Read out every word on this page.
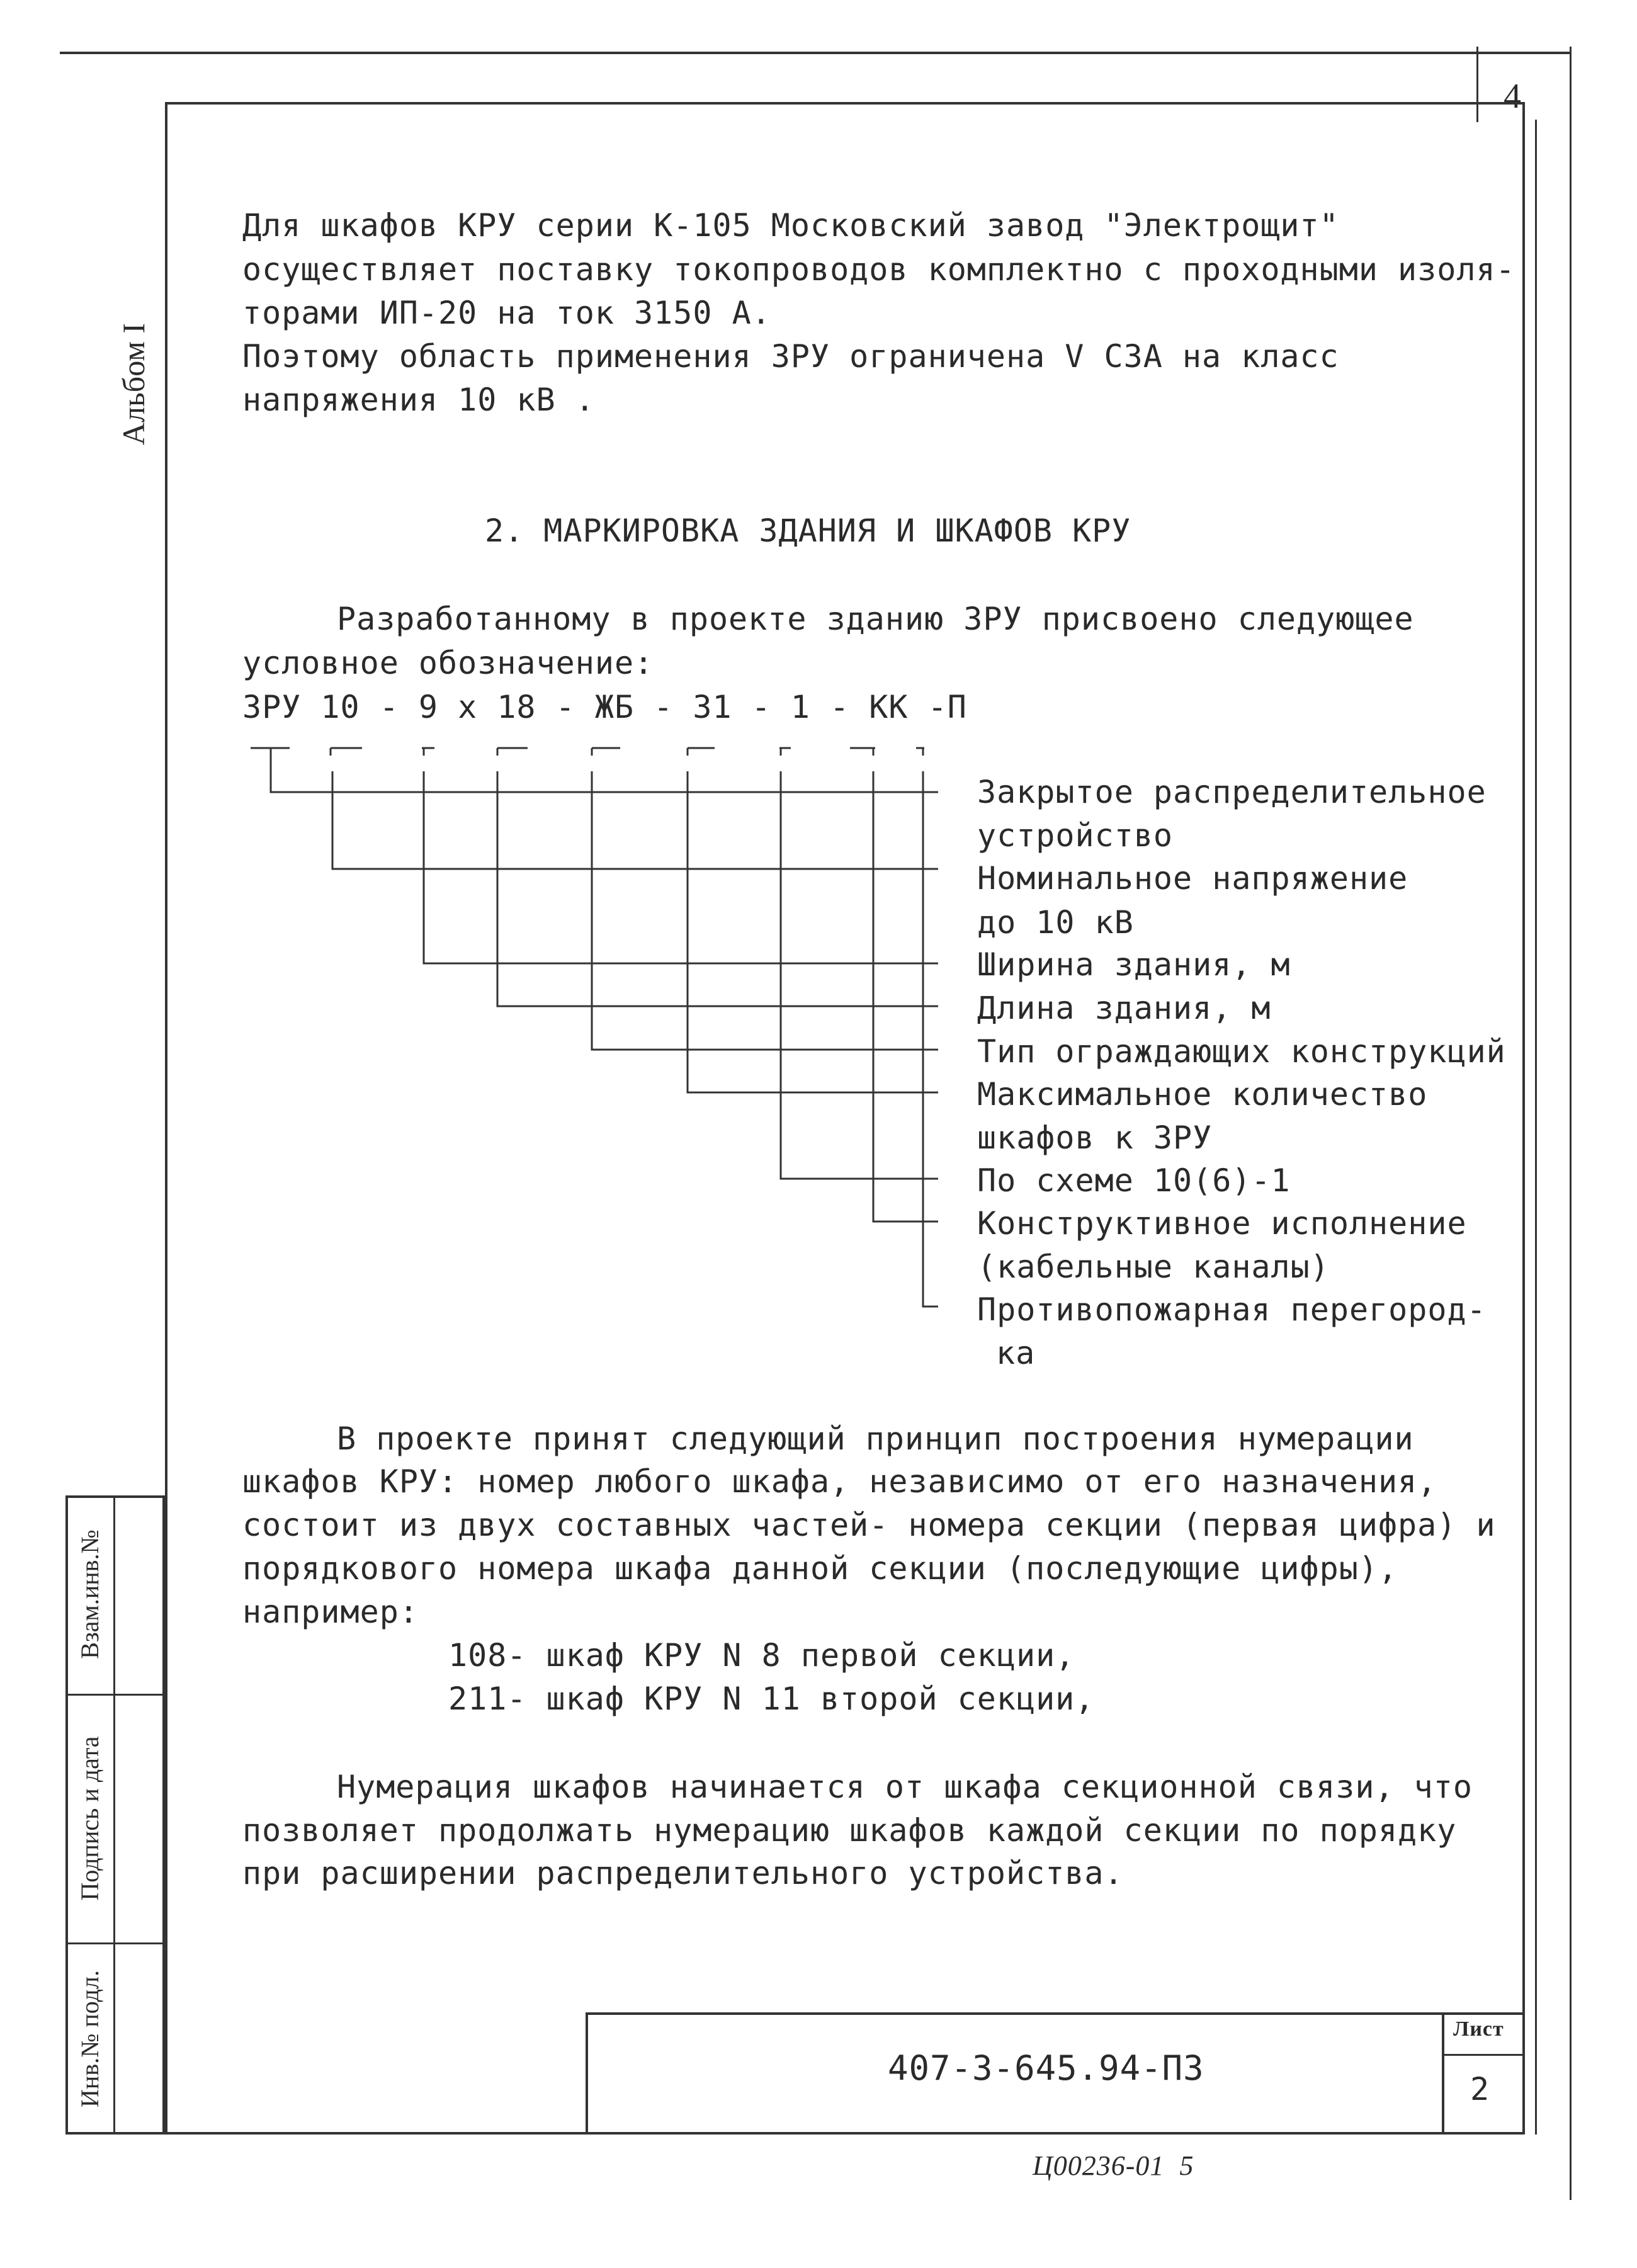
4
Альбом I
Взам.инв.№
Подпись и дата
Инв.№ подл.
Для шкафов КРУ серии К-105 Московский завод "Электрощит"
осуществляет поставку токопроводов комплектно с проходными изоля-
торами ИП-20 на ток 3150 А.
Поэтому область применения ЗРУ ограничена V СЗА на класс
напряжения 10 кВ .
2. МАРКИРОВКА ЗДАНИЯ И ШКАФОВ КРУ
Разработанному в проекте зданию ЗРУ присвоено следующее
условное обозначение:
ЗРУ 10 - 9 х 18 - ЖБ - 31 - 1 - КК -П
Закрытое распределительное
устройство
Номинальное напряжение
до 10 кВ
Ширина здания, м
Длина здания, м
Тип ограждающих конструкций
Максимальное количество
шкафов к ЗРУ
По схеме 10(6)-1
Конструктивное исполнение
(кабельные каналы)
Противопожарная перегород-
ка
В проекте принят следующий принцип построения нумерации
шкафов КРУ: номер любого шкафа, независимо от его назначения,
состоит из двух составных частей- номера секции (первая цифра) и
порядкового номера шкафа данной секции (последующие цифры),
например:
108- шкаф КРУ N 8 первой секции,
211- шкаф КРУ N 11 второй секции,
Нумерация шкафов начинается от шкафа секционной связи, что
позволяет продолжать нумерацию шкафов каждой секции по порядку
при расширении распределительного устройства.
407-3-645.94-ПЗ
Лист
2
Ц00236-01  5
